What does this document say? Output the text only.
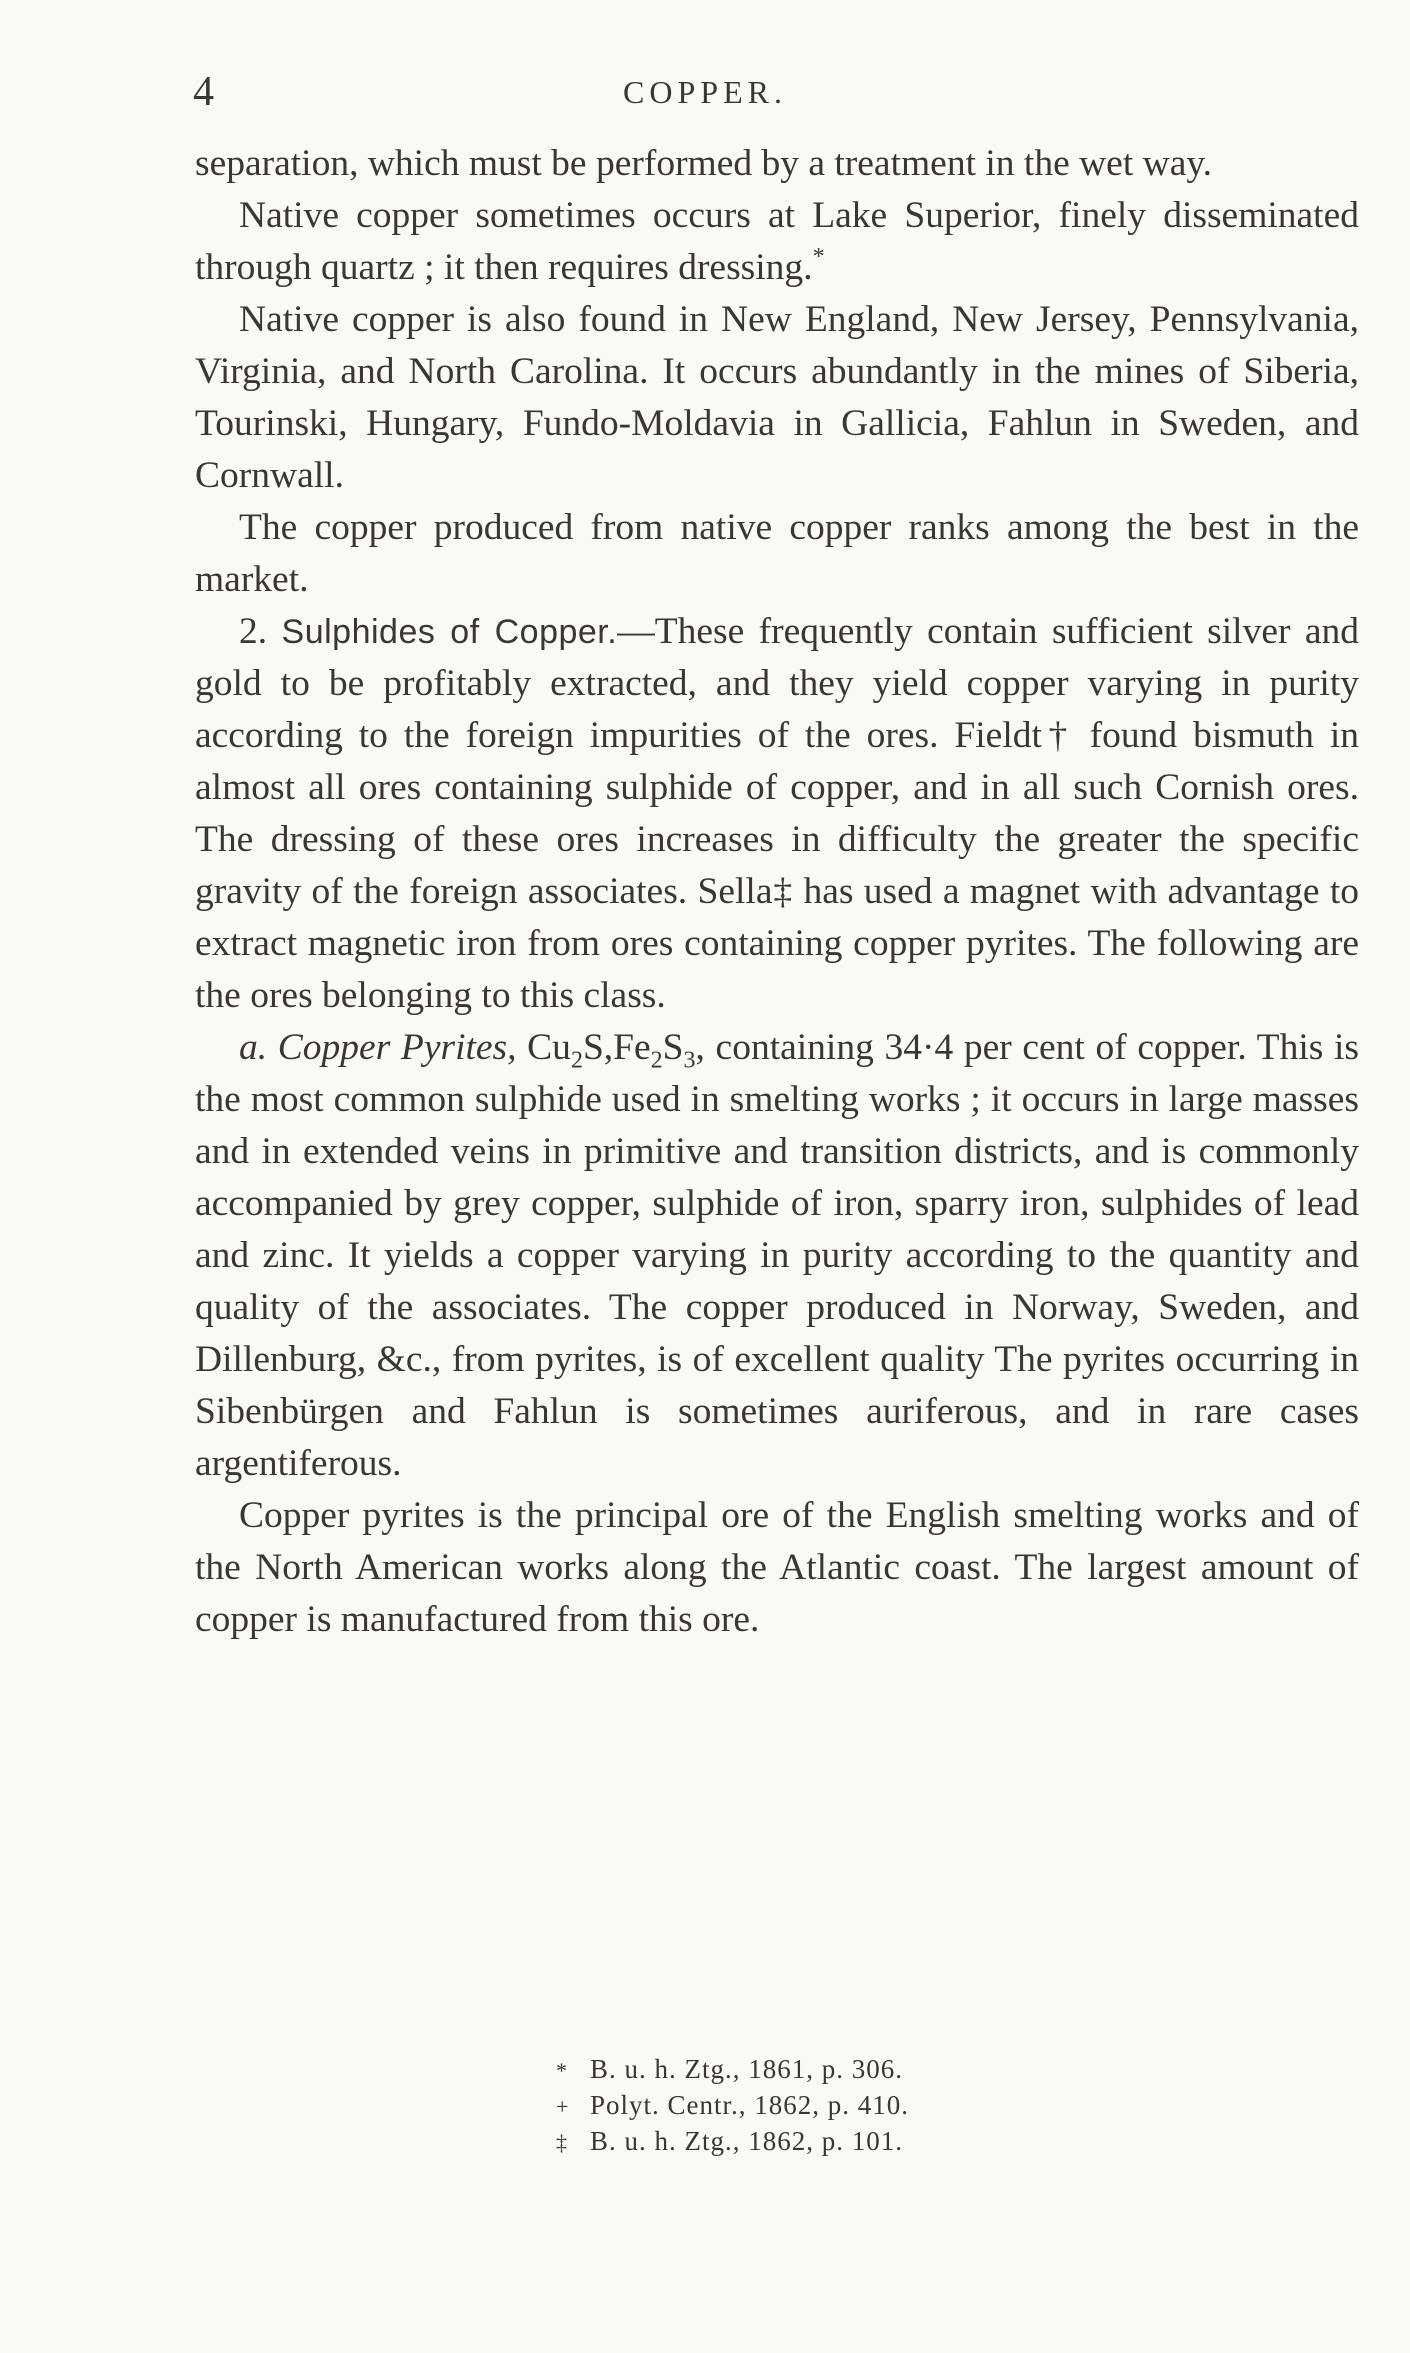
4	COPPER.

separation, which must be performed by a treatment in the wet way.

Native copper sometimes occurs at Lake Superior, finely disseminated through quartz ; it then requires dressing.*

Native copper is also found in New England, New Jersey, Pennsylvania, Virginia, and North Carolina. It occurs abundantly in the mines of Siberia, Tourinski, Hungary, Fundo-Moldavia in Gallicia, Fahlun in Sweden, and Cornwall.

The copper produced from native copper ranks among the best in the market.

2. Sulphides of Copper.—These frequently contain sufficient silver and gold to be profitably extracted, and they yield copper varying in purity according to the foreign impurities of the ores. Fieldt† found bismuth in almost all ores containing sulphide of copper, and in all such Cornish ores. The dressing of these ores increases in difficulty the greater the specific gravity of the foreign associates. Sella‡ has used a magnet with advantage to extract magnetic iron from ores containing copper pyrites. The following are the ores belonging to this class.

a. Copper Pyrites, $Cu_2S,Fe_2S_3$, containing 34·4 per cent of copper. This is the most common sulphide used in smelting works ; it occurs in large masses and in extended veins in primitive and transition districts, and is commonly accompanied by grey copper, sulphide of iron, sparry iron, sulphides of lead and zinc. It yields a copper varying in purity according to the quantity and quality of the associates. The copper produced in Norway, Sweden, and Dillenburg, &c., from pyrites, is of excellent quality The pyrites occurring in Sibenbürgen and Fahlun is sometimes auriferous, and in rare cases argentiferous.

Copper pyrites is the principal ore of the English smelting works and of the North American works along the Atlantic coast. The largest amount of copper is manufactured from this ore.

* B. u. h. Ztg., 1861, p. 306.
+ Polyt. Centr., 1862, p. 410.
‡ B. u. h. Ztg., 1862, p. 101.
